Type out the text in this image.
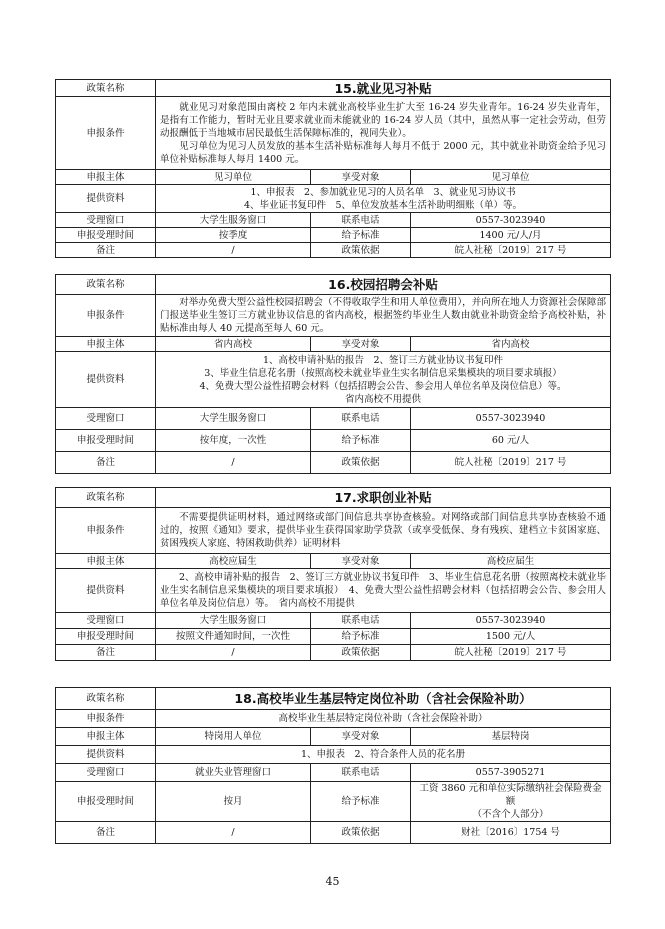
政策名称	15.就业见习补贴		
申报条件	就业见习对象范围由离校 2 年内未就业高校毕业生扩大至 16-24 岁失业青年。16-24 岁失业青年，是指有工作能力，暂时无业且要求就业而未能就业的 16-24 岁人员（其中，虽然从事一定社会劳动，但劳动报酬低于当地城市居民最低生活保障标准的，视同失业）。
见习单位为见习人员发放的基本生活补贴标准每人每月不低于 2000 元，其中就业补助资金给予见习单位补贴标准每人每月 1400 元。		

申报主体	见习单位	享受对象	见习单位
提供资料	1、申报表　2、参加就业见习的人员名单　3、就业见习协议书
4、毕业证书复印件　5、单位发放基本生活补助明细账（单）等。		

受理窗口	大学生服务窗口	联系电话	0557-3023940
申报受理时间	按季度	给予标准	1400 元/人/月
备注	/	政策依据	皖人社秘〔2019〕217 号
政策名称	16.校园招聘会补贴		
申报条件	对举办免费大型公益性校园招聘会（不得收取学生和用人单位费用），并向所在地人力资源社会保障部门报送毕业生签订三方就业协议信息的省内高校，根据签约毕业生人数由就业补助资金给予高校补贴，补贴标准由每人 40 元提高至每人 60 元。		
申报主体	省内高校	享受对象	省内高校
提供资料	1、高校申请补贴的报告　2、签订三方就业协议书复印件
3、毕业生信息花名册（按照高校未就业毕业生实名制信息采集模块的项目要求填报）
4、免费大型公益性招聘会材料（包括招聘会公告、参会用人单位名单及岗位信息）等。
省内高校不用提供		

受理窗口	大学生服务窗口	联系电话	0557-3023940
申报受理时间	按年度，一次性	给予标准	60 元/人
备注	/	政策依据	皖人社秘〔2019〕217 号
政策名称	17.求职创业补贴		
申报条件	不需要提供证明材料，通过网络或部门间信息共享协查核验。对网络或部门间信息共享协查核验不通过的，按照《通知》要求，提供毕业生获得国家助学贷款（或享受低保、身有残疾、建档立卡贫困家庭、贫困残疾人家庭、特困救助供养）证明材料		
申报主体	高校应届生	享受对象	高校应届生
提供资料	2、高校申请补贴的报告　2、签订三方就业协议书复印件　3、毕业生信息花名册（按照离校未就业毕业生实名制信息采集模块的项目要求填报）　4、免费大型公益性招聘会材料（包括招聘会公告、参会用人单位名单及岗位信息）等。　省内高校不用提供		
受理窗口	大学生服务窗口	联系电话	0557-3023940
申报受理时间	按照文件通知时间，一次性	给予标准	1500 元/人
备注	/	政策依据	皖人社秘〔2019〕217 号
政策名称	18.高校毕业生基层特定岗位补助（含社会保险补助）		
申报条件	高校毕业生基层特定岗位补助（含社会保险补助）		
申报主体	特岗用人单位	享受对象	基层特岗
提供资料	1、申报表　2、符合条件人员的花名册		
受理窗口	就业失业管理窗口	联系电话	0557-3905271
申报受理时间	按月	给予标准	工资 3860 元和单位实际缴纳社会保险费金额
（不含个人部分）

备注	/	政策依据	财社〔2016〕1754 号
45
